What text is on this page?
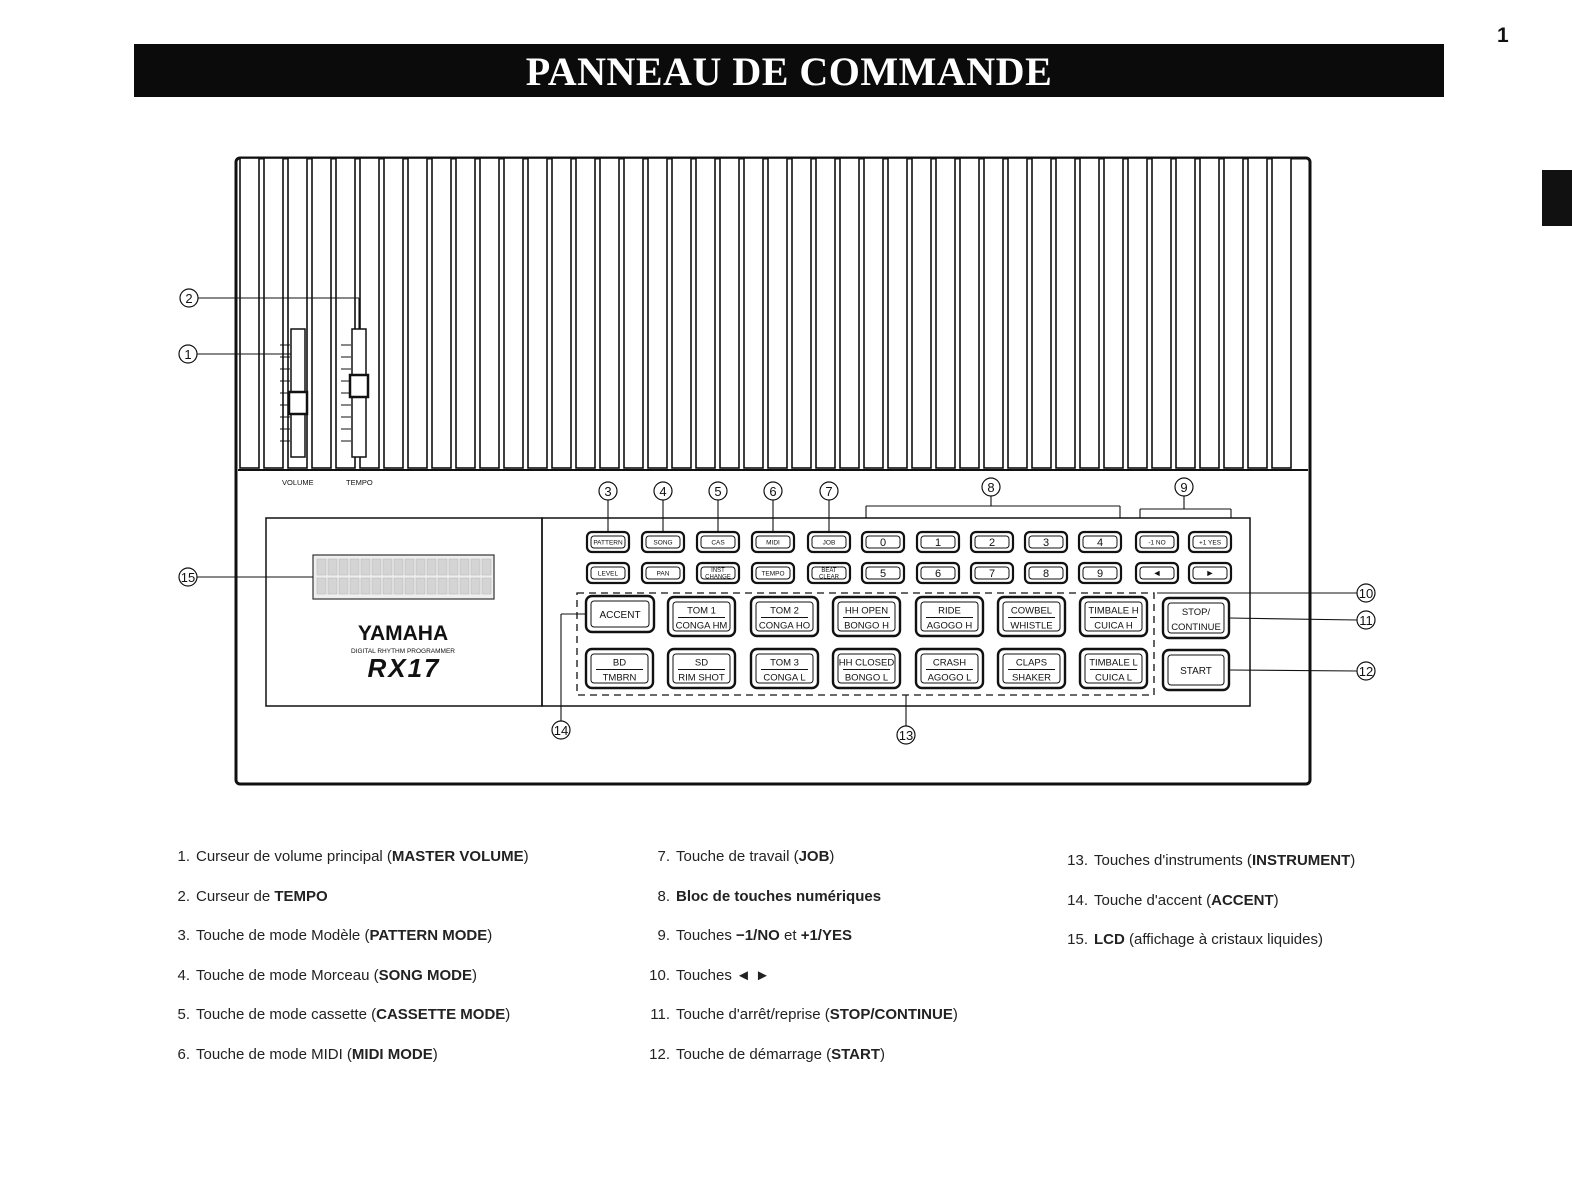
1
PANNEAU DE COMMANDE
VOLUME	TEMPO
YAMAHA
DIGITAL RHYTHM PROGRAMMER
RX17
PATTERN	SONG	CAS	MIDI	JOB
LEVEL	PAN	INST
CHANGE
TEMPO	BEAT
CLEAR
0	1	2	3	4
5	6	7	8	9
-1 NO	+1 YES
◄	►
ACCENT	TOM 1
CONGA HM
TOM 2
CONGA HO
HH OPEN
BONGO H
RIDE
AGOGO H
COWBEL
WHISTLE
TIMBALE H
CUICA H
BD
TMBRN
SD
RIM SHOT
TOM 3
CONGA L
HH CLOSED
BONGO L
CRASH
AGOGO L
CLAPS
SHAKER
TIMBALE L
CUICA L
STOP/
CONTINUE
START
1
2
3	4	5	6	7	8	9
10
11
12
13
14
15
1. Curseur de volume principal (MASTER VOLUME)
2. Curseur de TEMPO
3. Touche de mode Modèle (PATTERN MODE)
4. Touche de mode Morceau (SONG MODE)
5. Touche de mode cassette (CASSETTE MODE)
6. Touche de mode MIDI (MIDI MODE)
7. Touche de travail (JOB)
8. Bloc de touches numériques
9. Touches −1/NO et +1/YES
10. Touches ◄ ►
11. Touche d'arrêt/reprise (STOP/CONTINUE)
12. Touche de démarrage (START)
13. Touches d'instruments (INSTRUMENT)
14. Touche d'accent (ACCENT)
15. LCD (affichage à cristaux liquides)
